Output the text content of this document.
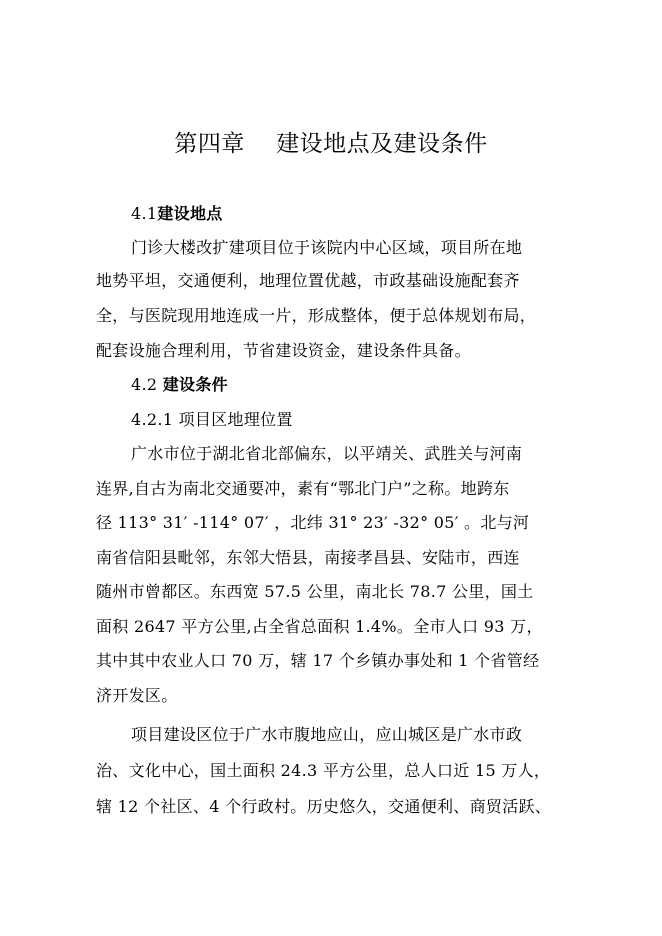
第四章    建设地点及建设条件
4.1建设地点
门诊大楼改扩建项目位于该院内中心区域，项目所在地
地势平坦，交通便利，地理位置优越，市政基础设施配套齐
全，与医院现用地连成一片，形成整体，便于总体规划布局，
配套设施合理利用，节省建设资金，建设条件具备。
4.2 建设条件
4.2.1 项目区地理位置
广水市位于湖北省北部偏东，以平靖关、武胜关与河南
连界,自古为南北交通要冲，素有“鄂北门户”之称。地跨东
径 113° 31′ -114° 07′ ，北纬 31° 23′ -32° 05′ 。北与河
南省信阳县毗邻，东邻大悟县，南接孝昌县、安陆市，西连
随州市曾都区。东西宽 57.5 公里，南北长 78.7 公里，国土
面积 2647 平方公里,占全省总面积 1.4%。全市人口 93 万，
其中其中农业人口 70 万，辖 17 个乡镇办事处和 1 个省管经
济开发区。
项目建设区位于广水市腹地应山，应山城区是广水市政
治、文化中心，国土面积 24.3 平方公里，总人口近 15 万人，
辖 12 个社区、4 个行政村。历史悠久，交通便利、商贸活跃、
